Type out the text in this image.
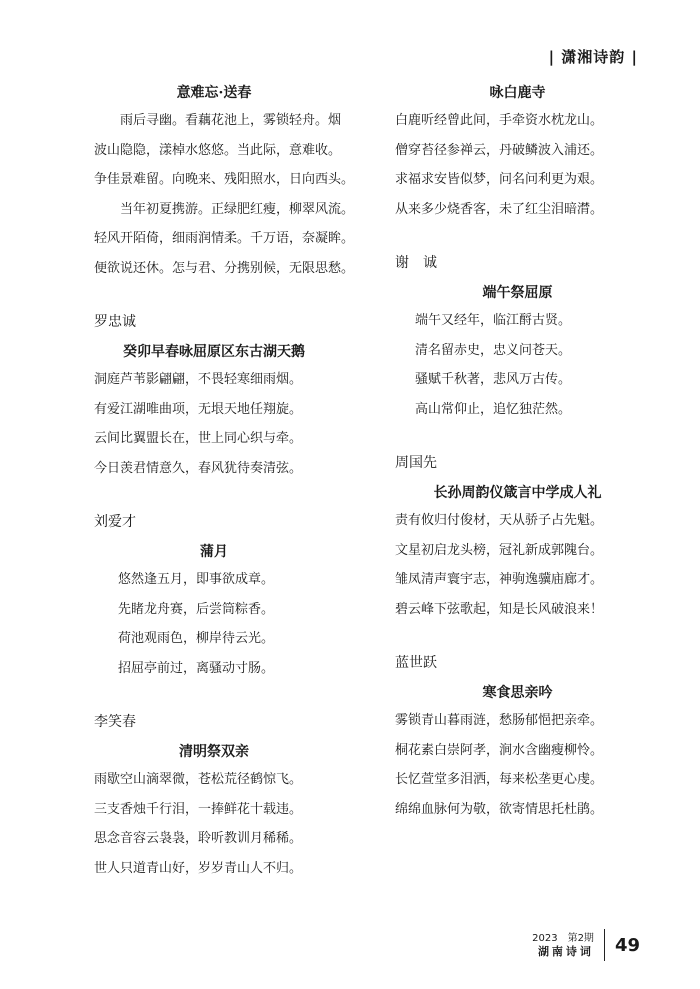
| 潇湘诗韵 |

意难忘·送春

雨后寻幽。看藕花池上，雾锁轻舟。烟

波山隐隐，漾棹水悠悠。当此际，意难收。

争佳景难留。向晚来、残阳照水，日向西头。

当年初夏携游。正绿肥红瘦，柳翠风流。

轻风开陌倚，细雨润情柔。千万语，奈凝眸。

便欲说还休。怎与君、分携别候，无限思愁。

罗忠诚

癸卯早春咏屈原区东古湖天鹅

洞庭芦苇影翩翩，不畏轻寒细雨烟。

有爱江湖唯曲项，无垠天地任翔旋。

云间比翼盟长在，世上同心织与牵。

今日羡君情意久，春风犹待奏清弦。

刘爱才

蒲月

悠然逢五月，即事欲成章。

先睹龙舟赛，后尝筒粽香。

荷池观雨色，柳岸待云光。

招屈亭前过，离骚动寸肠。

李笑春

清明祭双亲

雨歇空山滴翠微，苍松荒径鹤惊飞。

三支香烛千行泪，一捧鲜花十载违。

思念音容云袅袅，聆听教训月稀稀。

世人只道青山好，岁岁青山人不归。

咏白鹿寺

白鹿听经曾此间，手牵资水枕龙山。

僧穿苔径参禅云，丹破鳞波入浦还。

求福求安皆似梦，问名问利更为艰。

从来多少烧香客，未了红尘泪暗潸。

谢　诚

端午祭屈原

端午又经年，临江酹古贤。

清名留赤史，忠义问苍天。

骚赋千秋著，悲风万古传。

高山常仰止，追忆独茫然。

周国先

长孙周韵仪箴言中学成人礼

责有攸归付俊材，天从骄子占先魁。

文星初启龙头榜，冠礼新成郭隗台。

雏凤清声寰宇志，神驹逸骥庙廊才。

碧云峰下弦歌起，知是长风破浪来！

蓝世跃

寒食思亲吟

雾锁青山暮雨涟，愁肠郁悒把亲牵。

桐花素白崇阿孝，涧水含幽瘦柳怜。

长忆萱堂多泪洒，每来松垄更心虔。

绵绵血脉何为敬，欲寄情思托杜鹃。

2023　第2期
湖南诗词 49
